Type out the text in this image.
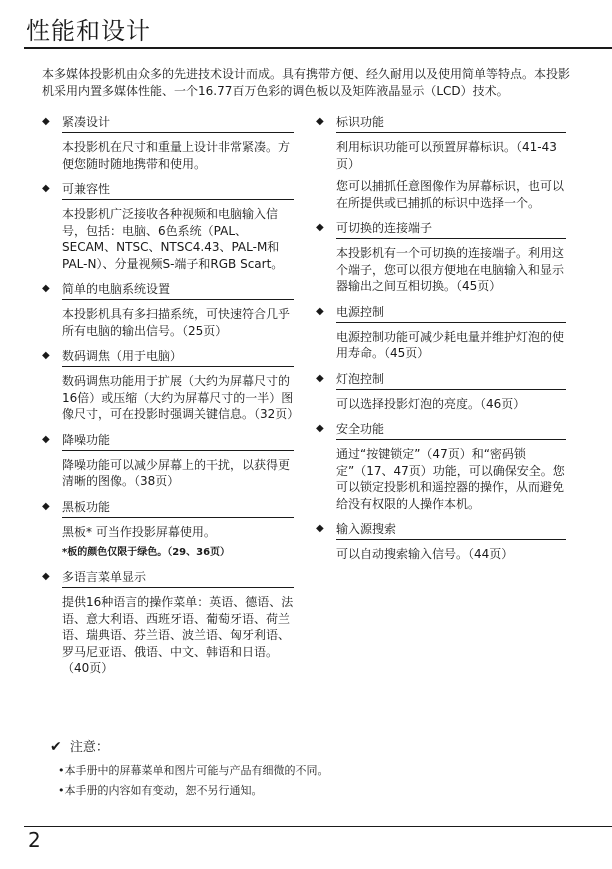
性能和设计
本多媒体投影机由众多的先进技术设计而成。具有携带方便、经久耐用以及使用简单等特点。本投影机采用内置多媒体性能、一个16.77百万色彩的调色板以及矩阵液晶显示（LCD）技术。
◆ 紧凑设计
本投影机在尺寸和重量上设计非常紧凑。方便您随时随地携带和使用。
◆ 可兼容性
本投影机广泛接收各种视频和电脑输入信号，包括：电脑、6色系统（PAL、SECAM、NTSC、NTSC4.43、PAL-M和PAL-N）、分量视频S-端子和RGB Scart。
◆ 简单的电脑系统设置
本投影机具有多扫描系统，可快速符合几乎所有电脑的输出信号。（25页）
◆ 数码调焦（用于电脑）
数码调焦功能用于扩展（大约为屏幕尺寸的16倍）或压缩（大约为屏幕尺寸的一半）图像尺寸，可在投影时强调关键信息。（32页）
◆ 降噪功能
降噪功能可以减少屏幕上的干扰，以获得更清晰的图像。（38页）
◆ 黑板功能
黑板* 可当作投影屏幕使用。
*板的颜色仅限于绿色。（29、36页）
◆ 多语言菜单显示
提供16种语言的操作菜单：英语、德语、法语、意大利语、西班牙语、葡萄牙语、荷兰语、瑞典语、芬兰语、波兰语、匈牙利语、罗马尼亚语、俄语、中文、韩语和日语。（40页）
◆ 标识功能
利用标识功能可以预置屏幕标识。（41-43页）
您可以捕抓任意图像作为屏幕标识，也可以在所提供或已捕抓的标识中选择一个。
◆ 可切换的连接端子
本投影机有一个可切换的连接端子。利用这个端子，您可以很方便地在电脑输入和显示器输出之间互相切换。（45页）
◆ 电源控制
电源控制功能可减少耗电量并维护灯泡的使用寿命。（45页）
◆ 灯泡控制
可以选择投影灯泡的亮度。（46页）
◆ 安全功能
通过“按键锁定”（47页）和“密码锁定”（17、47页）功能，可以确保安全。您可以锁定投影机和遥控器的操作，从而避免给没有权限的人操作本机。
◆ 输入源搜索
可以自动搜索输入信号。（44页）
✔ 注意：
•本手册中的屏幕菜单和图片可能与产品有细微的不同。
•本手册的内容如有变动，恕不另行通知。
2
